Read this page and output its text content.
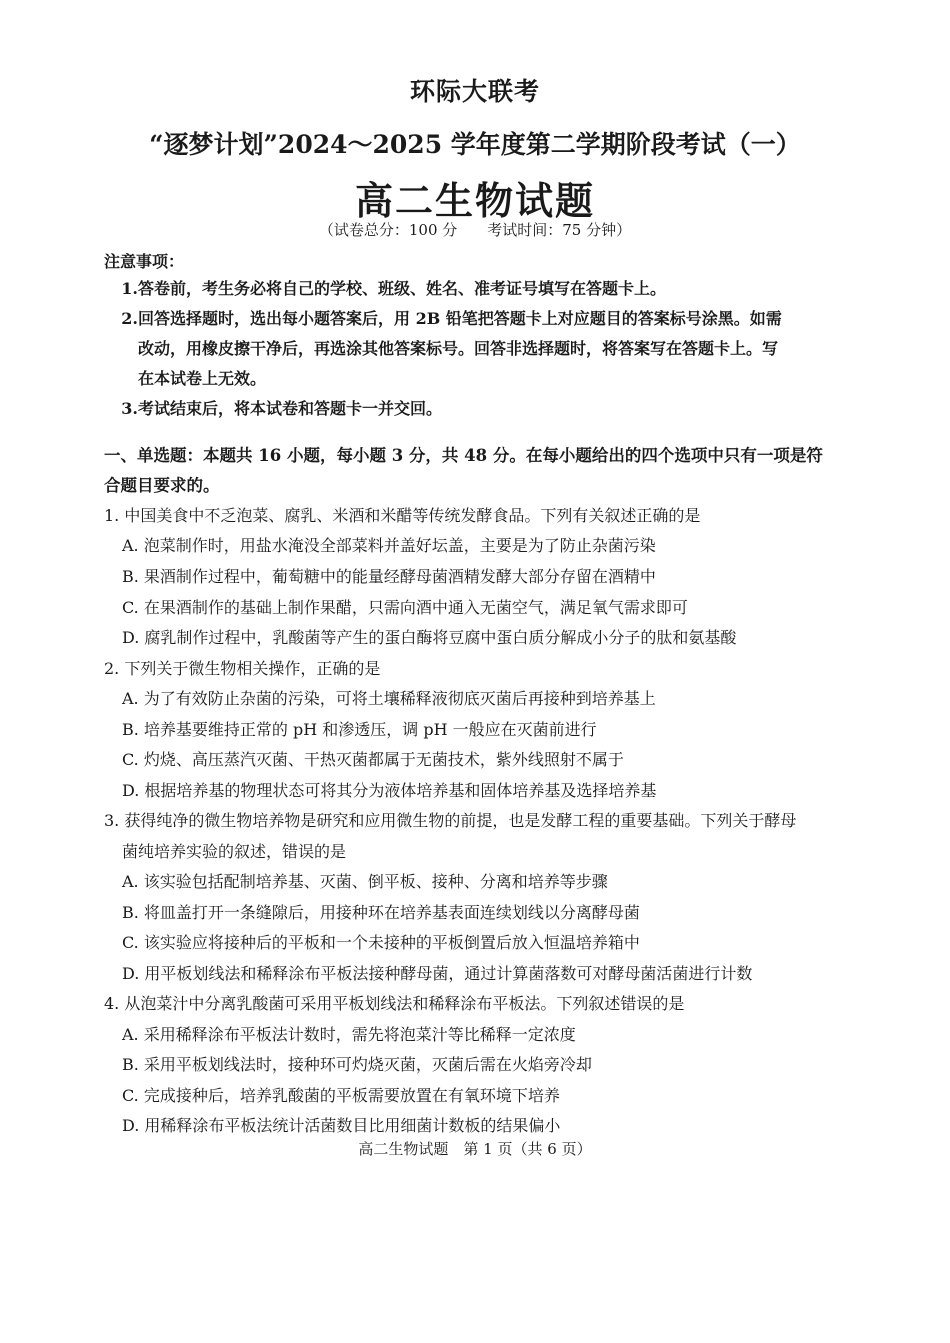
环际大联考
“逐梦计划”2024～2025 学年度第二学期阶段考试（一）
高二生物试题
（试卷总分：100 分 考试时间：75 分钟）
注意事项：
1.答卷前，考生务必将自己的学校、班级、姓名、准考证号填写在答题卡上。
2.回答选择题时，选出每小题答案后，用 2B 铅笔把答题卡上对应题目的答案标号涂黑。如需
改动，用橡皮擦干净后，再选涂其他答案标号。回答非选择题时，将答案写在答题卡上。写
在本试卷上无效。
3.考试结束后，将本试卷和答题卡一并交回。
一、单选题：本题共 16 小题，每小题 3 分，共 48 分。在每小题给出的四个选项中只有一项是符
合题目要求的。
1. 中国美食中不乏泡菜、腐乳、米酒和米醋等传统发酵食品。下列有关叙述正确的是
A. 泡菜制作时，用盐水淹没全部菜料并盖好坛盖，主要是为了防止杂菌污染
B. 果酒制作过程中，葡萄糖中的能量经酵母菌酒精发酵大部分存留在酒精中
C. 在果酒制作的基础上制作果醋，只需向酒中通入无菌空气，满足氧气需求即可
D. 腐乳制作过程中，乳酸菌等产生的蛋白酶将豆腐中蛋白质分解成小分子的肽和氨基酸
2. 下列关于微生物相关操作，正确的是
A. 为了有效防止杂菌的污染，可将土壤稀释液彻底灭菌后再接种到培养基上
B. 培养基要维持正常的 pH 和渗透压，调 pH 一般应在灭菌前进行
C. 灼烧、高压蒸汽灭菌、干热灭菌都属于无菌技术，紫外线照射不属于
D. 根据培养基的物理状态可将其分为液体培养基和固体培养基及选择培养基
3. 获得纯净的微生物培养物是研究和应用微生物的前提，也是发酵工程的重要基础。下列关于酵母
菌纯培养实验的叙述，错误的是
A. 该实验包括配制培养基、灭菌、倒平板、接种、分离和培养等步骤
B. 将皿盖打开一条缝隙后，用接种环在培养基表面连续划线以分离酵母菌
C. 该实验应将接种后的平板和一个未接种的平板倒置后放入恒温培养箱中
D. 用平板划线法和稀释涂布平板法接种酵母菌，通过计算菌落数可对酵母菌活菌进行计数
4. 从泡菜汁中分离乳酸菌可采用平板划线法和稀释涂布平板法。下列叙述错误的是
A. 采用稀释涂布平板法计数时，需先将泡菜汁等比稀释一定浓度
B. 采用平板划线法时，接种环可灼烧灭菌，灭菌后需在火焰旁冷却
C. 完成接种后，培养乳酸菌的平板需要放置在有氧环境下培养
D. 用稀释涂布平板法统计活菌数目比用细菌计数板的结果偏小
高二生物试题　第 1 页（共 6 页）
